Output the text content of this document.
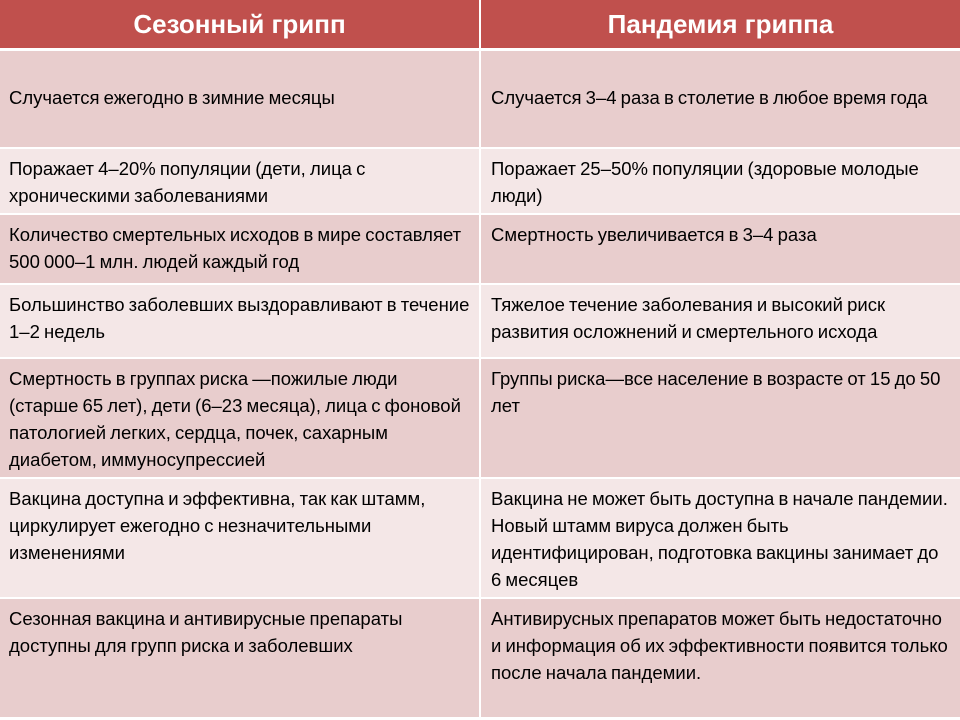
Сезонный грипп	Пандемия гриппа
Случается ежегодно в зимние месяцы	Случается 3–4 раза в столетие в любое время года
Поражает 4–20% популяции (дети, лица с хроническими заболеваниями	Поражает 25–50% популяции (здоровые молодые люди)
Количество смертельных исходов в мире составляет 500 000–1 млн. людей каждый год	Смертность увеличивается в 3–4 раза
Большинство заболевших выздоравливают в течение 1–2 недель	Тяжелое течение заболевания и высокий риск развития осложнений и смертельного исхода
Смертность в группах риска —пожилые люди (старше 65 лет), дети (6–23 месяца), лица с фоновой патологией легких, сердца, почек, сахарным диабетом, иммуносупрессией	Группы риска—все население в возрасте от 15 до 50 лет
Вакцина доступна и эффективна, так как штамм, циркулирует ежегодно с незначительными изменениями	Вакцина не может быть доступна в начале пандемии. Новый штамм вируса должен быть идентифицирован, подготовка вакцины занимает до 6 месяцев
Сезонная вакцина и антивирусные препараты доступны для групп риска и заболевших	Антивирусных препаратов может быть недостаточно и информация об их эффективности появится только после начала пандемии.
